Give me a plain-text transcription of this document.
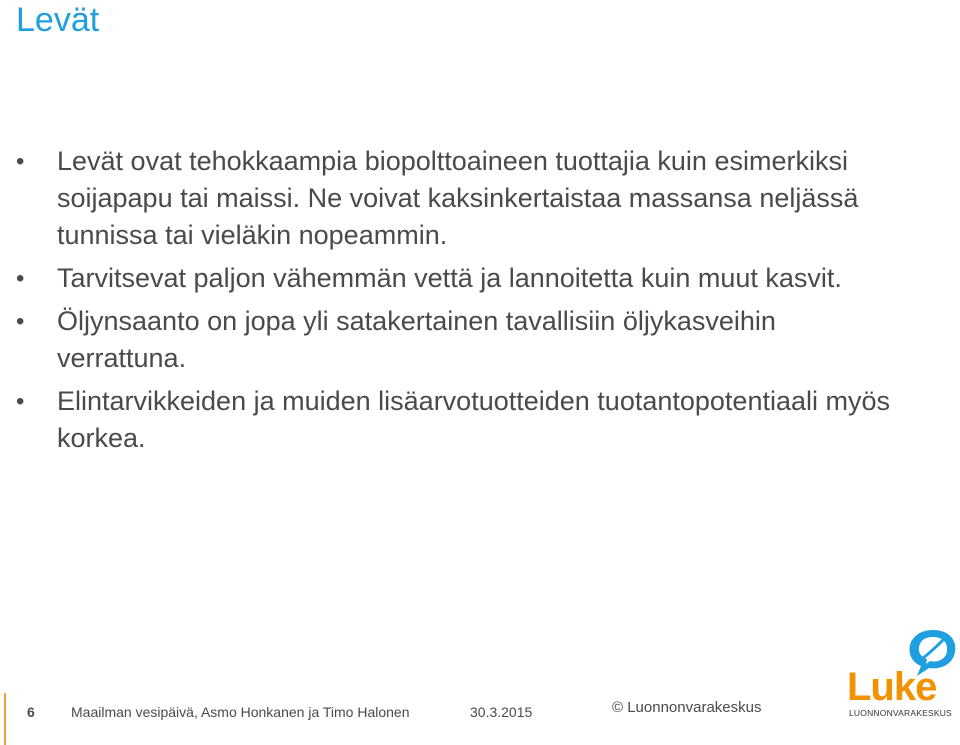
Levät
• Levät ovat tehokkaampia biopolttoaineen tuottajia kuin esimerkiksi soijapapu tai maissi. Ne voivat kaksinkertaistaa massansa neljässä tunnissa tai vieläkin nopeammin.
• Tarvitsevat paljon vähemmän vettä ja lannoitetta kuin muut kasvit.
• Öljynsaanto on jopa yli satakertainen tavallisiin öljykasveihin verrattuna.
• Elintarvikkeiden ja muiden lisäarvotuotteiden tuotantopotentiaali myös korkea.
6	Maailman vesipäivä, Asmo Honkanen ja Timo Halonen	30.3.2015	© Luonnonvarakeskus Luke
LUONNONVARAKESKUS
